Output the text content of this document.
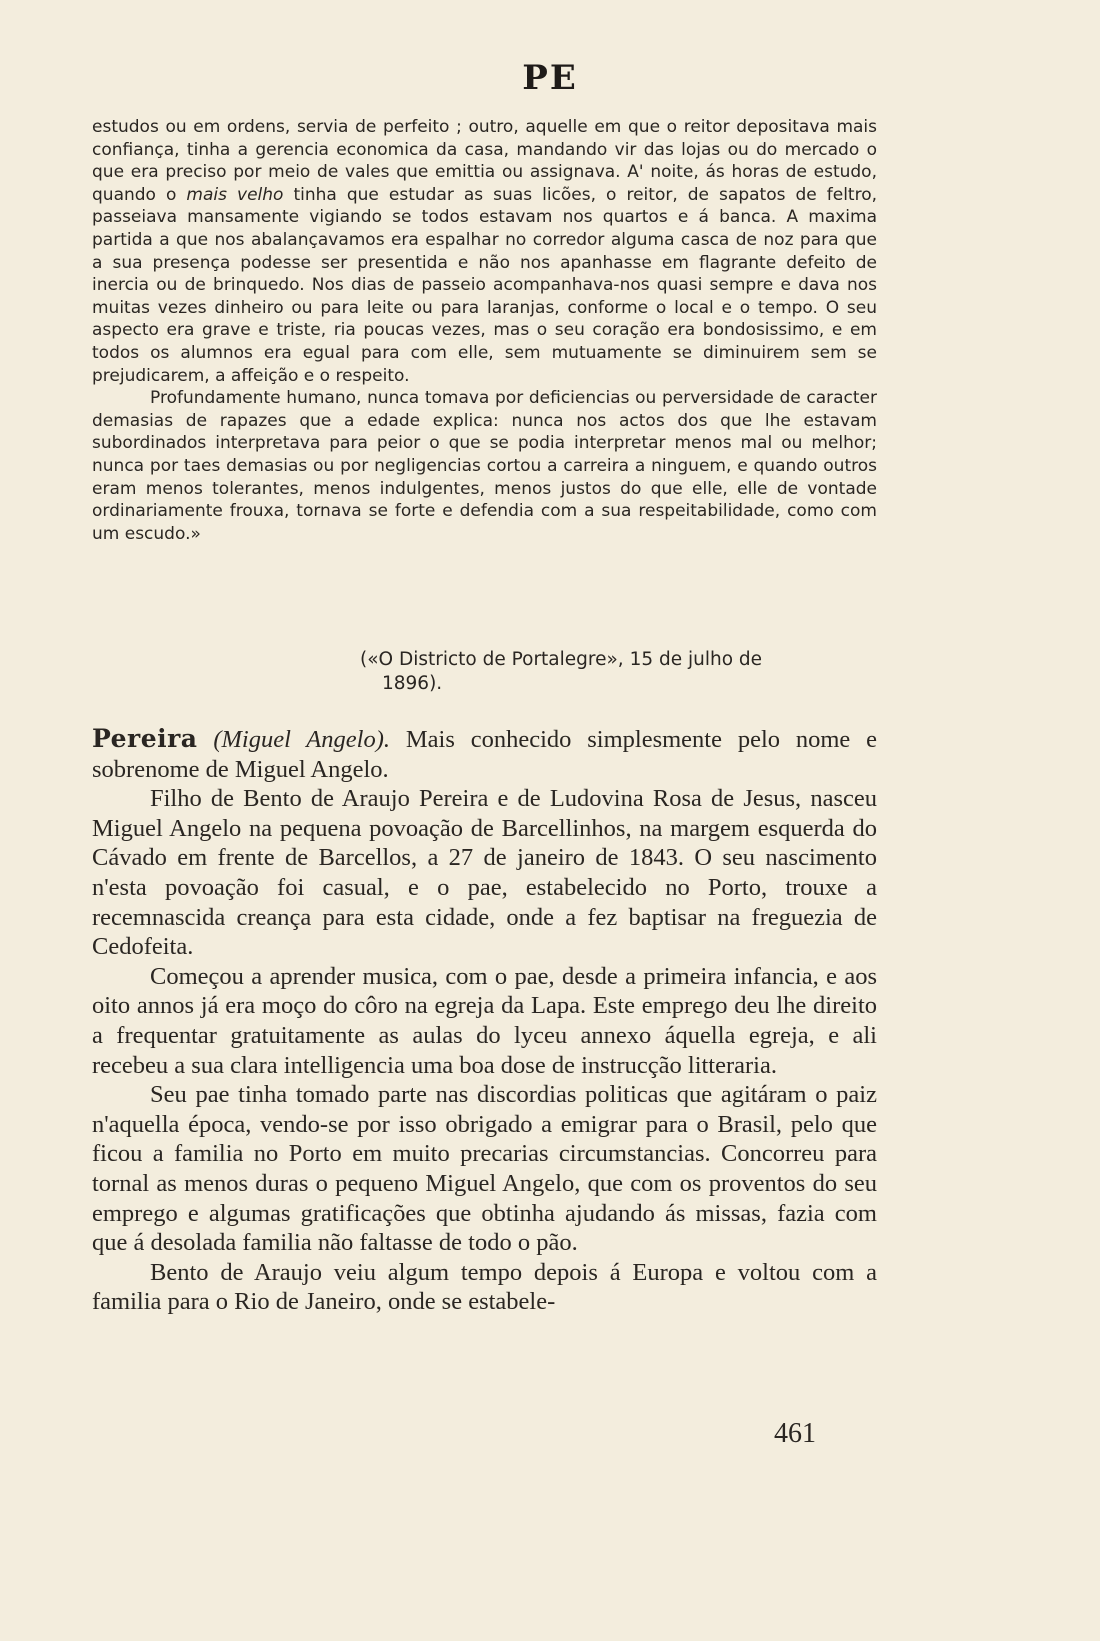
PE

estudos ou em ordens, servia de perfeito ; outro, aquelle em que o reitor depositava mais confiança, tinha a gerencia economica da casa, mandando vir das lojas ou do mercado o que era preciso por meio de vales que emittia ou assignava. A' noite, ás horas de estudo, quando o mais velho tinha que estudar as suas licões, o reitor, de sapatos de feltro, passeiava mansamente vigiando se todos estavam nos quartos e á banca. A maxima partida a que nos abalançavamos era espalhar no corredor alguma casca de noz para que a sua presença podesse ser presentida e não nos apanhasse em flagrante defeito de inercia ou de brinquedo. Nos dias de passeio acompanhava-nos quasi sempre e dava nos muitas vezes dinheiro ou para leite ou para laranjas, conforme o local e o tempo. O seu aspecto era grave e triste, ria poucas vezes, mas o seu coração era bondosissimo, e em todos os alumnos era egual para com elle, sem mutuamente se diminuirem sem se prejudicarem, a affeição e o respeito.

Profundamente humano, nunca tomava por deficiencias ou perversidade de caracter demasias de rapazes que a edade explica: nunca nos actos dos que lhe estavam subordinados interpretava para peior o que se podia interpretar menos mal ou melhor; nunca por taes demasias ou por negligencias cortou a carreira a ninguem, e quando outros eram menos tolerantes, menos indulgentes, menos justos do que elle, elle de vontade ordinariamente frouxa, tornava se forte e defendia com a sua respeitabilidade, como com um escudo.»

(«O Districto de Portalegre», 15 de julho de
1896).

Pereira (Miguel Angelo). Mais conhecido simplesmente pelo nome e sobrenome de Miguel Angelo.

Filho de Bento de Araujo Pereira e de Ludovina Rosa de Jesus, nasceu Miguel Angelo na pequena povoação de Barcellinhos, na margem esquerda do Cávado em frente de Barcellos, a 27 de janeiro de 1843. O seu nascimento n'esta povoação foi casual, e o pae, estabelecido no Porto, trouxe a recemnascida creança para esta cidade, onde a fez baptisar na freguezia de Cedofeita.

Começou a aprender musica, com o pae, desde a primeira infancia, e aos oito annos já era moço do côro na egreja da Lapa. Este emprego deu lhe direito a frequentar gratuitamente as aulas do lyceu annexo áquella egreja, e ali recebeu a sua clara intelligencia uma boa dose de instrucção litteraria.

Seu pae tinha tomado parte nas discordias politicas que agitáram o paiz n'aquella época, vendo-se por isso obrigado a emigrar para o Brasil, pelo que ficou a familia no Porto em muito precarias circumstancias. Concorreu para tornal as menos duras o pequeno Miguel Angelo, que com os proventos do seu emprego e algumas gratificações que obtinha ajudando ás missas, fazia com que á desolada familia não faltasse de todo o pão.

Bento de Araujo veiu algum tempo depois á Europa e voltou com a familia para o Rio de Janeiro, onde se estabele-

461
